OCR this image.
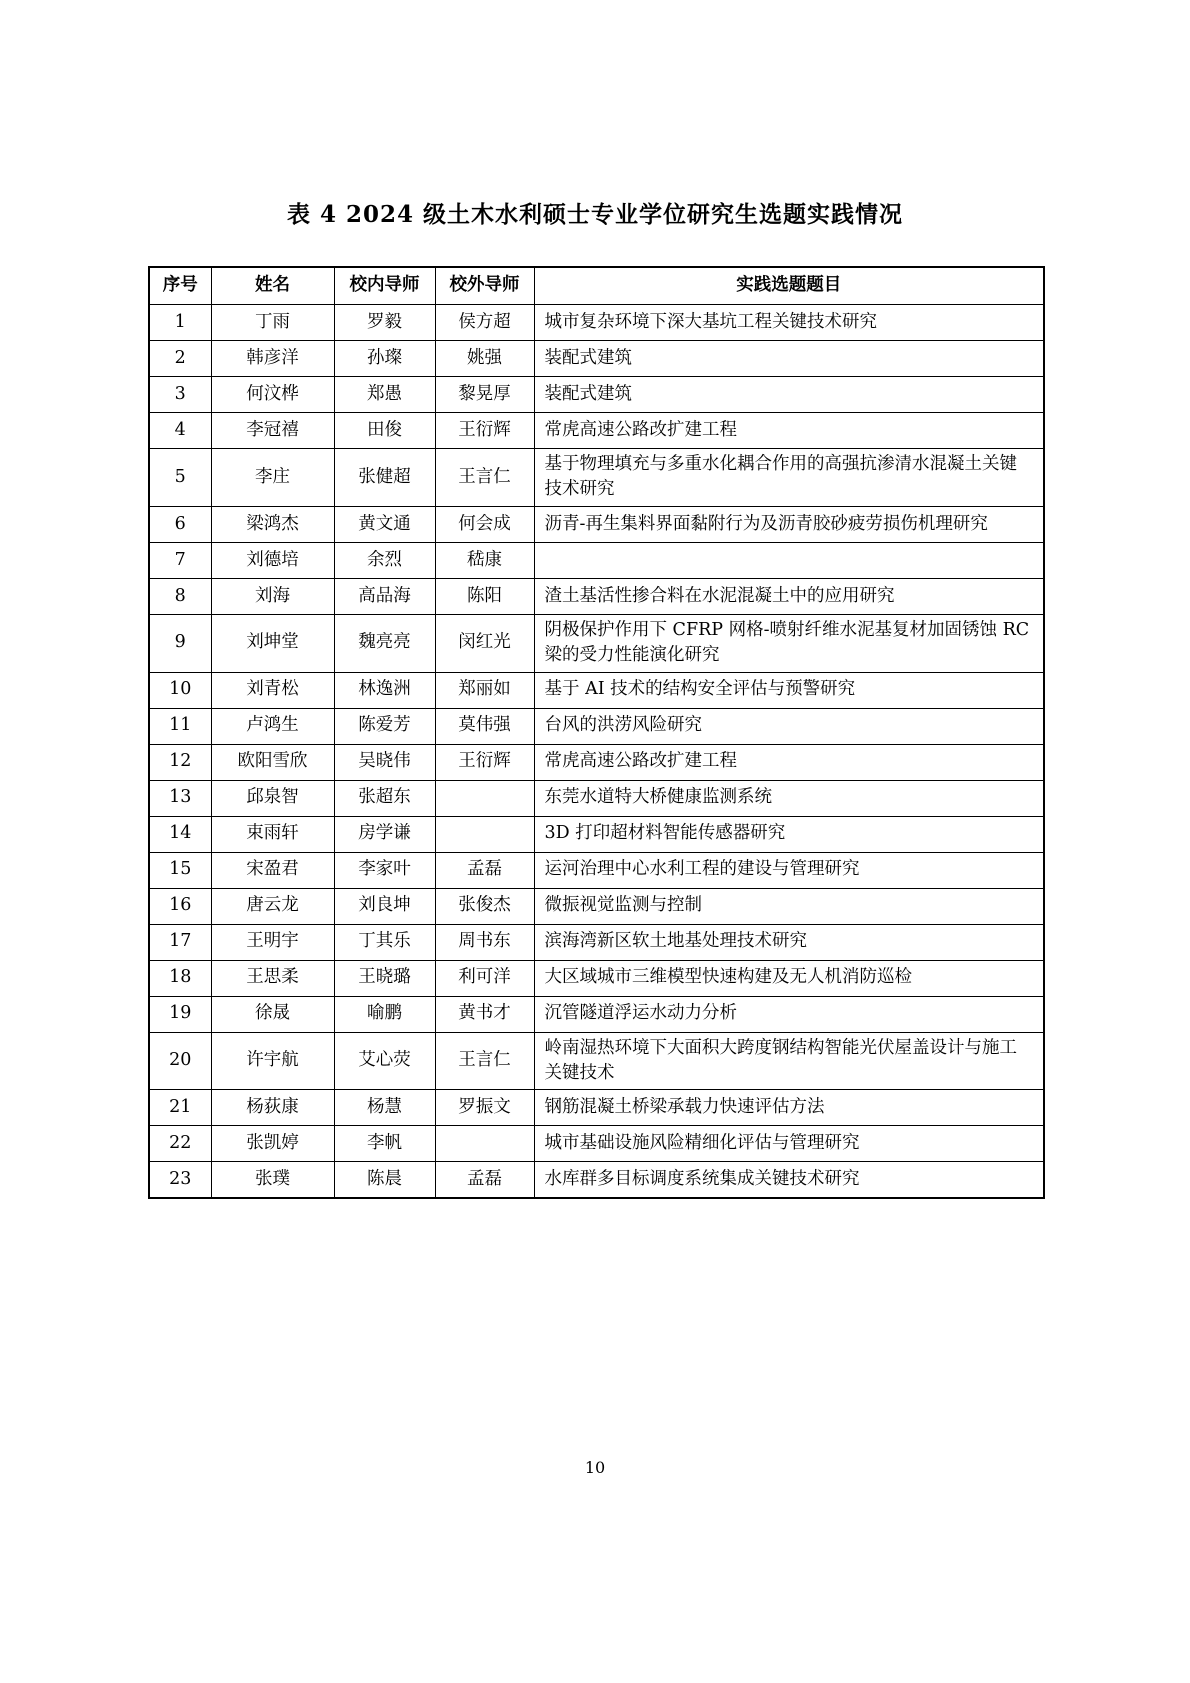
表 4 2024 级土木水利硕士专业学位研究生选题实践情况
序号	姓名	校内导师	校外导师	实践选题题目
1	丁雨	罗毅	侯方超	城市复杂环境下深大基坑工程关键技术研究
2	韩彦洋	孙璨	姚强	装配式建筑
3	何汶桦	郑愚	黎晃厚	装配式建筑
4	李冠禧	田俊	王衍辉	常虎高速公路改扩建工程
5	李庄	张健超	王言仁	基于物理填充与多重水化耦合作用的高强抗渗清水混凝土关键技术研究
6	梁鸿杰	黄文通	何会成	沥青-再生集料界面黏附行为及沥青胶砂疲劳损伤机理研究
7	刘德培	余烈	嵇康	
8	刘海	高品海	陈阳	渣土基活性掺合料在水泥混凝土中的应用研究
9	刘坤堂	魏亮亮	闵红光	阴极保护作用下 CFRP 网格-喷射纤维水泥基复材加固锈蚀 RC 梁的受力性能演化研究
10	刘青松	林逸洲	郑丽如	基于 AI 技术的结构安全评估与预警研究
11	卢鸿生	陈爱芳	莫伟强	台风的洪涝风险研究
12	欧阳雪欣	吴晓伟	王衍辉	常虎高速公路改扩建工程
13	邱泉智	张超东		东莞水道特大桥健康监测系统
14	束雨轩	房学谦		3D 打印超材料智能传感器研究
15	宋盈君	李家叶	孟磊	运河治理中心水利工程的建设与管理研究
16	唐云龙	刘良坤	张俊杰	微振视觉监测与控制
17	王明宇	丁其乐	周书东	滨海湾新区软土地基处理技术研究
18	王思柔	王晓璐	利可洋	大区域城市三维模型快速构建及无人机消防巡检
19	徐晟	喻鹏	黄书才	沉管隧道浮运水动力分析
20	许宇航	艾心荧	王言仁	岭南湿热环境下大面积大跨度钢结构智能光伏屋盖设计与施工关键技术
21	杨荻康	杨慧	罗振文	钢筋混凝土桥梁承载力快速评估方法
22	张凯婷	李帆		城市基础设施风险精细化评估与管理研究
23	张璞	陈晨	孟磊	水库群多目标调度系统集成关键技术研究
10
